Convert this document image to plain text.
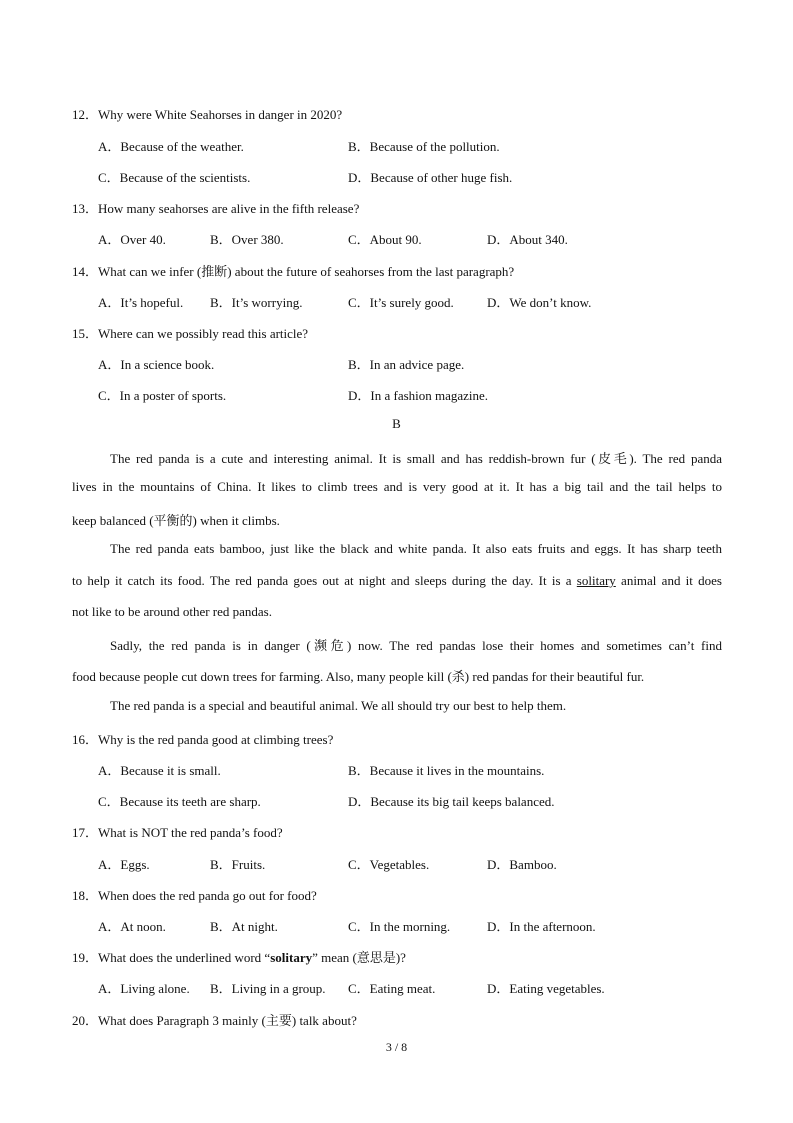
12．Why were White Seahorses in danger in 2020?
A．Because of the weather.	B．Because of the pollution.
C．Because of the scientists.	D．Because of other huge fish.
13．How many seahorses are alive in the fifth release?
A．Over 40.	B．Over 380.	C．About 90.	D．About 340.
14．What can we infer (推断) about the future of seahorses from the last paragraph?
A．It’s hopeful. B．It’s worrying.	C．It’s surely good.	D．We don’t know.
15．Where can we possibly read this article?
A．In a science book.	B．In an advice page.
C．In a poster of sports.	D．In a fashion magazine.
B
The red panda is a cute and interesting animal. It is small and has reddish-brown fur (皮毛). The red panda
lives in the mountains of China. It likes to climb trees and is very good at it. It has a big tail and the tail helps to
keep balanced (平衡的) when it climbs.
The red panda eats bamboo, just like the black and white panda. It also eats fruits and eggs. It has sharp teeth
to help it catch its food. The red panda goes out at night and sleeps during the day. It is a solitary animal and it does
not like to be around other red pandas.
Sadly, the red panda is in danger (濒危) now. The red pandas lose their homes and sometimes can’t find
food because people cut down trees for farming. Also, many people kill (杀) red pandas for their beautiful fur.
The red panda is a special and beautiful animal. We all should try our best to help them.
16．Why is the red panda good at climbing trees?
A．Because it is small.	B．Because it lives in the mountains.
C．Because its teeth are sharp.	D．Because its big tail keeps balanced.
17．What is NOT the red panda’s food?
A．Eggs.	B．Fruits.	C．Vegetables.	D．Bamboo.
18．When does the red panda go out for food?
A．At noon.	B．At night.	C．In the morning.	D．In the afternoon.
19．What does the underlined word “solitary” mean (意思是)?
A．Living alone. B．Living in a group. C．Eating meat.	D．Eating vegetables.
20．What does Paragraph 3 mainly (主要) talk about?
3 / 8
